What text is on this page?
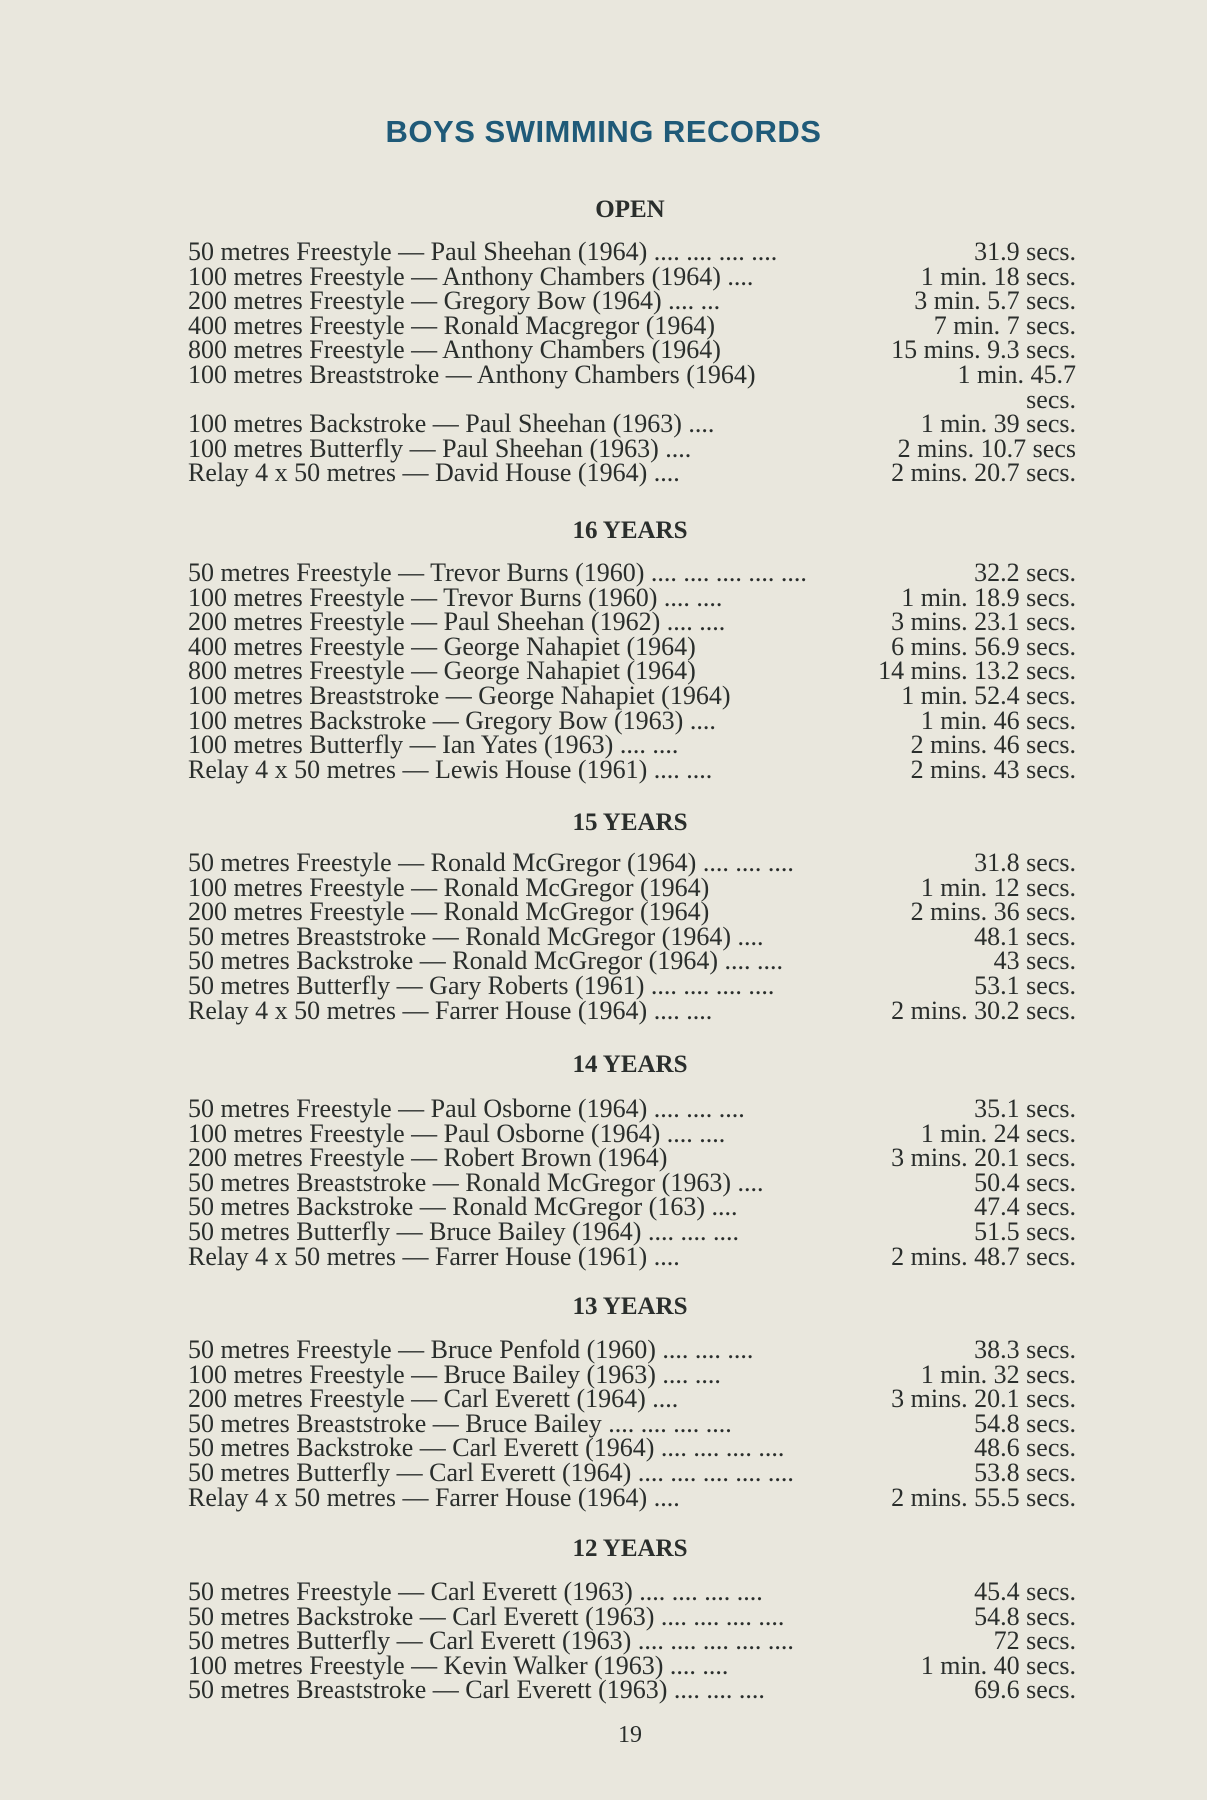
BOYS SWIMMING RECORDS
OPEN
50 metres Freestyle — Paul Sheehan (1964) .... .... .... ....	31.9 secs.
100 metres Freestyle — Anthony Chambers (1964) ....	1 min. 18 secs.
200 metres Freestyle — Gregory Bow (1964) .... ...	3 min. 5.7 secs.
400 metres Freestyle — Ronald Macgregor (1964)	7 min. 7 secs.
800 metres Freestyle — Anthony Chambers (1964)	15 mins. 9.3 secs.
100 metres Breaststroke — Anthony Chambers (1964)	1 min. 45.7
secs.
100 metres Backstroke — Paul Sheehan (1963) ....	1 min. 39 secs.
100 metres Butterfly — Paul Sheehan (1963) ....	2 mins. 10.7 secs
Relay 4 x 50 metres — David House (1964) ....	2 mins. 20.7 secs.
16 YEARS
50 metres Freestyle — Trevor Burns (1960) .... .... .... .... ....	32.2 secs.
100 metres Freestyle — Trevor Burns (1960) .... ....	1 min. 18.9 secs.
200 metres Freestyle — Paul Sheehan (1962) .... ....	3 mins. 23.1 secs.
400 metres Freestyle — George Nahapiet (1964)	6 mins. 56.9 secs.
800 metres Freestyle — George Nahapiet (1964)	14 mins. 13.2 secs.
100 metres Breaststroke — George Nahapiet (1964)	1 min. 52.4 secs.
100 metres Backstroke — Gregory Bow (1963) ....	1 min. 46 secs.
100 metres Butterfly — Ian Yates (1963) .... ....	2 mins. 46 secs.
Relay 4 x 50 metres — Lewis House (1961) .... ....	2 mins. 43 secs.
15 YEARS
50 metres Freestyle — Ronald McGregor (1964) .... .... ....	31.8 secs.
100 metres Freestyle — Ronald McGregor (1964)	1 min. 12 secs.
200 metres Freestyle — Ronald McGregor (1964)	2 mins. 36 secs.
50 metres Breaststroke — Ronald McGregor (1964) ....	48.1 secs.
50 metres Backstroke — Ronald McGregor (1964) .... ....	43 secs.
50 metres Butterfly — Gary Roberts (1961) .... .... .... ....	53.1 secs.
Relay 4 x 50 metres — Farrer House (1964) .... ....	2 mins. 30.2 secs.
14 YEARS
50 metres Freestyle — Paul Osborne (1964) .... .... ....	35.1 secs.
100 metres Freestyle — Paul Osborne (1964) .... ....	1 min. 24 secs.
200 metres Freestyle — Robert Brown (1964)	3 mins. 20.1 secs.
50 metres Breaststroke — Ronald McGregor (1963) ....	50.4 secs.
50 metres Backstroke — Ronald McGregor (163) ....	47.4 secs.
50 metres Butterfly — Bruce Bailey (1964) .... .... ....	51.5 secs.
Relay 4 x 50 metres — Farrer House (1961) ....	2 mins. 48.7 secs.
13 YEARS
50 metres Freestyle — Bruce Penfold (1960) .... .... ....	38.3 secs.
100 metres Freestyle — Bruce Bailey (1963) .... ....	1 min. 32 secs.
200 metres Freestyle — Carl Everett (1964) ....	3 mins. 20.1 secs.
50 metres Breaststroke — Bruce Bailey .... .... .... ....	54.8 secs.
50 metres Backstroke — Carl Everett (1964) .... .... .... ....	48.6 secs.
50 metres Butterfly — Carl Everett (1964) .... .... .... .... ....	53.8 secs.
Relay 4 x 50 metres — Farrer House (1964) ....	2 mins. 55.5 secs.
12 YEARS
50 metres Freestyle — Carl Everett (1963) .... .... .... ....	45.4 secs.
50 metres Backstroke — Carl Everett (1963) .... .... .... ....	54.8 secs.
50 metres Butterfly — Carl Everett (1963) .... .... .... .... ....	72 secs.
100 metres Freestyle — Kevin Walker (1963) .... ....	1 min. 40 secs.
50 metres Breaststroke — Carl Everett (1963) .... .... ....	69.6 secs.
19
